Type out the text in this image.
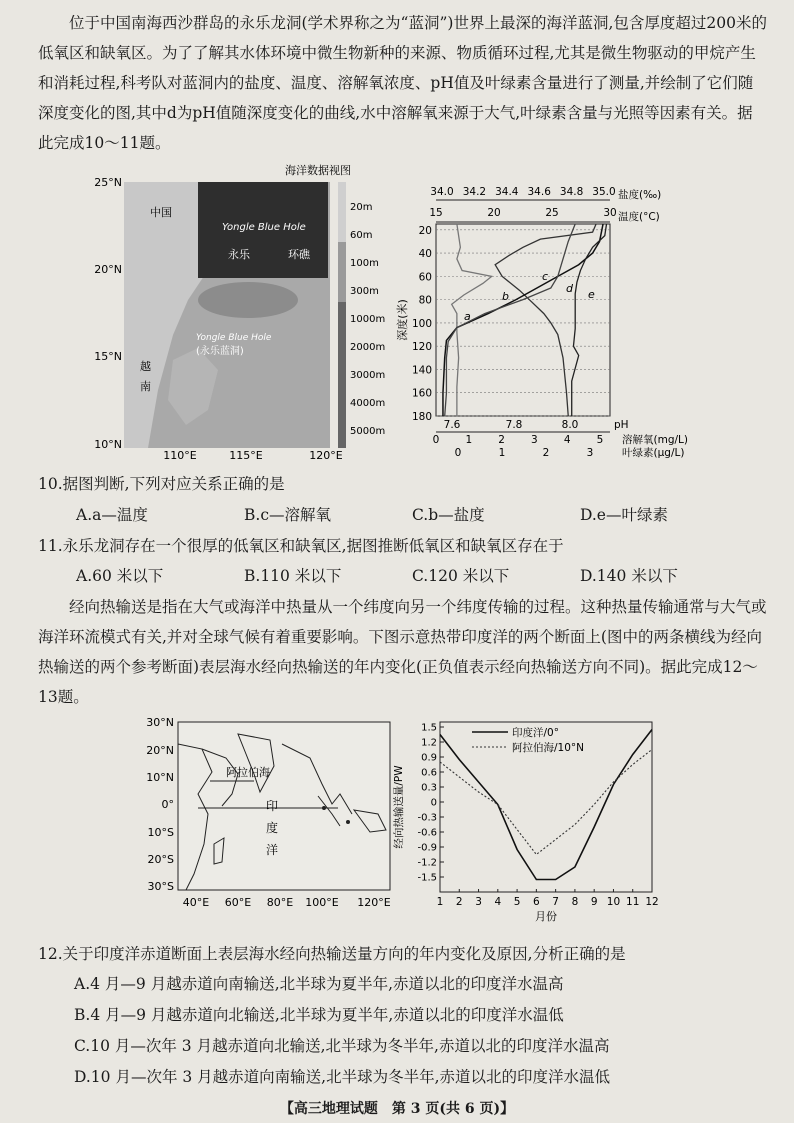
位于中国南海西沙群岛的永乐龙洞(学术界称之为“蓝洞”)世界上最深的海洋蓝洞,包含厚度超过200米的低氧区和缺氧区。为了了解其水体环境中微生物新种的来源、物质循环过程,尤其是微生物驱动的甲烷产生和消耗过程,科考队对蓝洞内的盐度、温度、溶解氧浓度、pH值及叶绿素含量进行了测量,并绘制了它们随深度变化的图,其中d为pH值随深度变化的曲线,水中溶解氧来源于大气,叶绿素含量与光照等因素有关。据此完成10～11题。

海洋数据视图
25°N
20°N
15°N
10°N
110°E	115°E	120°E
中国
越
南
Yongle Blue Hole
永乐	环礁
Yongle Blue Hole
(永乐蓝洞)
20m
60m
100m
300m
1000m
2000m
3000m
4000m
5000m
20
40
60
80
100
120
140
160
180
深度(米)
34.0 34.2 34.4 34.6 34.8 35.0 盐度(‰)
15	20	25	30 温度(°C)
7.6	7.8	8.0	pH
0 1 2 3 4 5 溶解氧(mg/L)
0	1	2	3	叶绿素(μg/L)
a
b
c
d e

10.据图判断,下列对应关系正确的是

A.a—温度	B.c—溶解氧	C.b—盐度	D.e—叶绿素

11.永乐龙洞存在一个很厚的低氧区和缺氧区,据图推断低氧区和缺氧区存在于

A.60 米以下	B.110 米以下	C.120 米以下	D.140 米以下

经向热输送是指在大气或海洋中热量从一个纬度向另一个纬度传输的过程。这种热量传输通常与大气或海洋环流模式有关,并对全球气候有着重要影响。下图示意热带印度洋的两个断面上(图中的两条横线为经向热输送的两个参考断面)表层海水经向热输送的年内变化(正负值表示经向热输送方向不同)。据此完成12～13题。

30°N
20°N
10°N
0°
10°S
20°S
30°S
阿拉伯海
印
度
洋
40°E 60°E 80°E 100°E 120°E
1.5
1.2
0.9
0.6
0.3
0
-0.3
-0.6
-0.9
-1.2
-1.5
经向热输送量/PW
1 2 3 4 5 6 7 8 9 10 11 12
月份
印度洋/0°
阿拉伯海/10°N

12.关于印度洋赤道断面上表层海水经向热输送量方向的年内变化及原因,分析正确的是

A.4 月—9 月越赤道向南输送,北半球为夏半年,赤道以北的印度洋水温高
B.4 月—9 月越赤道向北输送,北半球为夏半年,赤道以北的印度洋水温低
C.10 月—次年 3 月越赤道向北输送,北半球为冬半年,赤道以北的印度洋水温高
D.10 月—次年 3 月越赤道向南输送,北半球为冬半年,赤道以北的印度洋水温低
【高三地理试题　第 3 页(共 6 页)】
